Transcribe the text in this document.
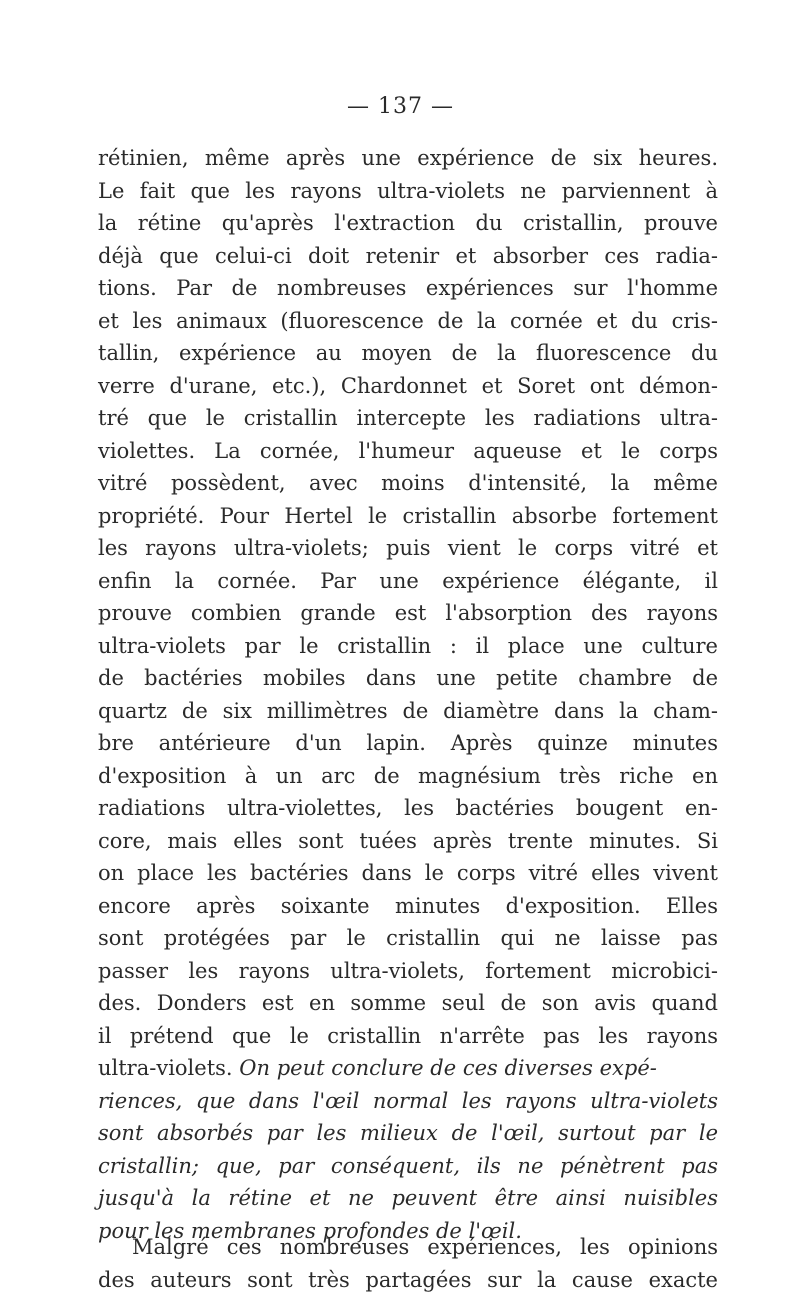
— 137 —
rétinien, même après une expérience de six heures.
Le fait que les rayons ultra-violets ne parviennent à
la rétine qu'après l'extraction du cristallin, prouve
déjà que celui-ci doit retenir et absorber ces radia-
tions. Par de nombreuses expériences sur l'homme
et les animaux (fluorescence de la cornée et du cris-
tallin, expérience au moyen de la fluorescence du
verre d'urane, etc.), Chardonnet et Soret ont démon-
tré que le cristallin intercepte les radiations ultra-
violettes. La cornée, l'humeur aqueuse et le corps
vitré possèdent, avec moins d'intensité, la même
propriété. Pour Hertel le cristallin absorbe fortement
les rayons ultra-violets; puis vient le corps vitré et
enfin la cornée. Par une expérience élégante, il
prouve combien grande est l'absorption des rayons
ultra-violets par le cristallin : il place une culture
de bactéries mobiles dans une petite chambre de
quartz de six millimètres de diamètre dans la cham-
bre antérieure d'un lapin. Après quinze minutes
d'exposition à un arc de magnésium très riche en
radiations ultra-violettes, les bactéries bougent en-
core, mais elles sont tuées après trente minutes. Si
on place les bactéries dans le corps vitré elles vivent
encore après soixante minutes d'exposition. Elles
sont protégées par le cristallin qui ne laisse pas
passer les rayons ultra-violets, fortement microbici-
des. Donders est en somme seul de son avis quand
il prétend que le cristallin n'arrête pas les rayons
ultra-violets. On peut conclure de ces diverses expé-
riences, que dans l'œil normal les rayons ultra-violets
sont absorbés par les milieux de l'œil, surtout par le
cristallin; que, par conséquent, ils ne pénètrent pas
jusqu'à la rétine et ne peuvent être ainsi nuisibles
pour les membranes profondes de l'œil.
Malgré ces nombreuses expériences, les opinions
des auteurs sont très partagées sur la cause exacte
